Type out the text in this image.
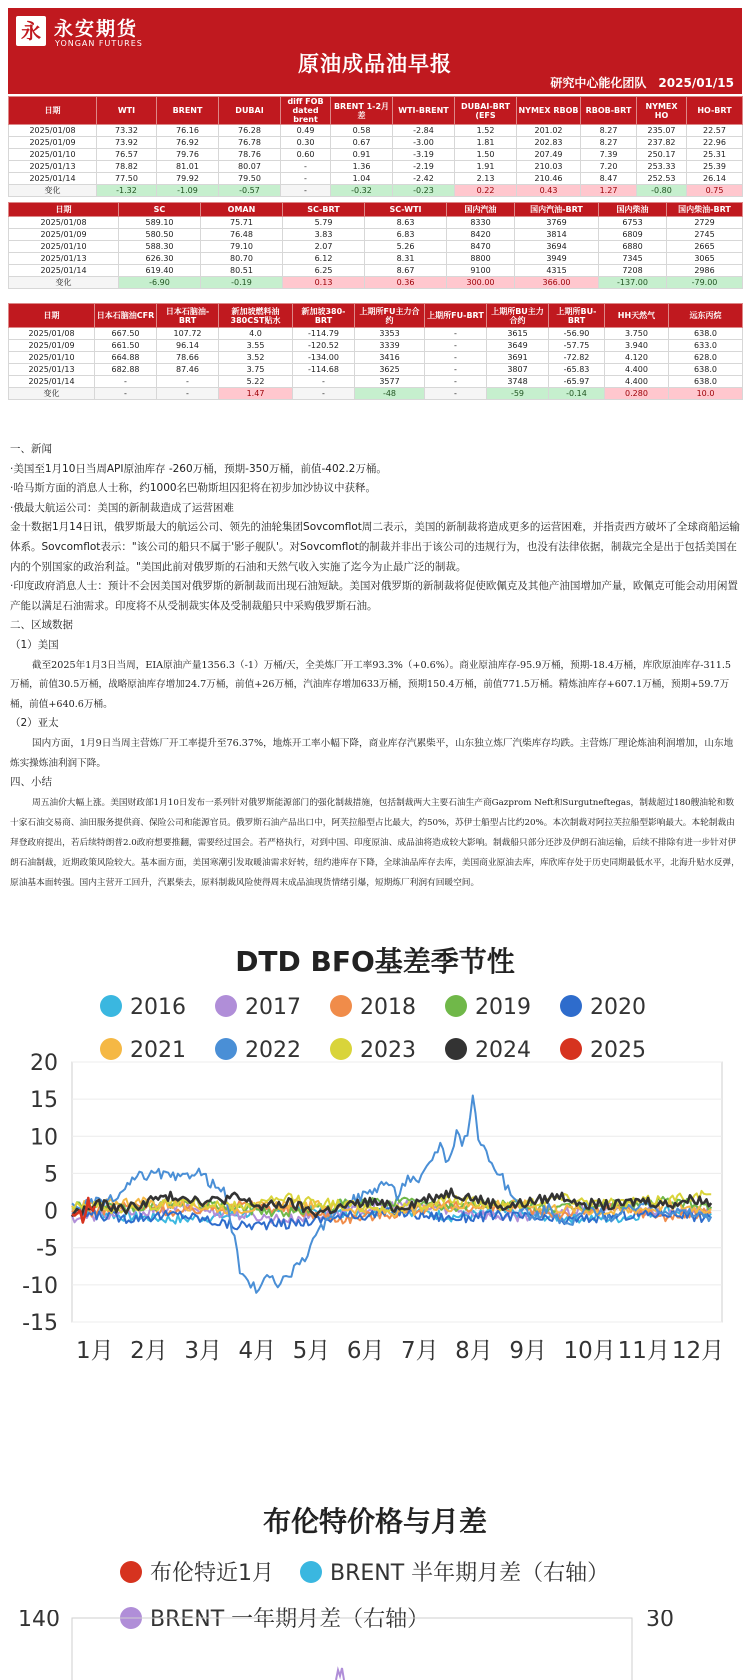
永 永安期货
YONGAN FUTURES
原油成品油早报
研究中心能化团队　2025/01/15
日期	WTI	BRENT	DUBAI	diff FOB dated brent	BRENT 1-2月差	WTI-BRENT	DUBAI-BRT (EFS	NYMEX RBOB	RBOB-BRT	NYMEX HO	HO-BRT
2025/01/08	73.32	76.16	76.28	0.49	0.58	-2.84	1.52	201.02	8.27	235.07	22.57
2025/01/09	73.92	76.92	76.78	0.30	0.67	-3.00	1.81	202.83	8.27	237.82	22.96
2025/01/10	76.57	79.76	78.76	0.60	0.91	-3.19	1.50	207.49	7.39	250.17	25.31
2025/01/13	78.82	81.01	80.07	-	1.36	-2.19	1.91	210.03	7.20	253.33	25.39
2025/01/14	77.50	79.92	79.50	-	1.04	-2.42	2.13	210.46	8.47	252.53	26.14
变化	-1.32	-1.09	-0.57	-	-0.32	-0.23	0.22	0.43	1.27	-0.80	0.75
日期	SC	OMAN	SC-BRT	SC-WTI	国内汽油	国内汽油-BRT	国内柴油	国内柴油-BRT
2025/01/08	589.10	75.71	5.79	8.63	8330	3769	6753	2729
2025/01/09	580.50	76.48	3.83	6.83	8420	3814	6809	2745
2025/01/10	588.30	79.10	2.07	5.26	8470	3694	6880	2665
2025/01/13	626.30	80.70	6.12	8.31	8800	3949	7345	3065
2025/01/14	619.40	80.51	6.25	8.67	9100	4315	7208	2986
变化	-6.90	-0.19	0.13	0.36	300.00	366.00	-137.00	-79.00
日期	日本石脑油CFR	日本石脑油-BRT	新加坡燃料油380CST贴水	新加坡380-BRT	上期所FU主力合约	上期所FU-BRT	上期所BU主力合约	上期所BU-BRT	HH天然气	远东丙烷
2025/01/08	667.50	107.72	4.0	-114.79	3353	-	3615	-56.90	3.750	638.0
2025/01/09	661.50	96.14	3.55	-120.52	3339	-	3649	-57.75	3.940	633.0
2025/01/10	664.88	78.66	3.52	-134.00	3416	-	3691	-72.82	4.120	628.0
2025/01/13	682.88	87.46	3.75	-114.68	3625	-	3807	-65.83	4.400	638.0
2025/01/14	-	-	5.22	-	3577	-	3748	-65.97	4.400	638.0
变化	-	-	1.47	-	-48	-	-59	-0.14	0.280	10.0

一、新闻

·美国至1月10日当周API原油库存 -260万桶，预期-350万桶，前值-402.2万桶。

·哈马斯方面的消息人士称，约1000名巴勒斯坦囚犯将在初步加沙协议中获释。

·俄最大航运公司：美国的新制裁造成了运营困难

金十数据1月14日讯，俄罗斯最大的航运公司、领先的油轮集团Sovcomflot周二表示，美国的新制裁将造成更多的运营困难，并指责西方破坏了全球商船运输体系。Sovcomflot表示："该公司的船只不属于'影子舰队'。对Sovcomflot的制裁并非出于该公司的违规行为，也没有法律依据，制裁完全是出于包括美国在内的个别国家的政治利益。"美国此前对俄罗斯的石油和天然气收入实施了迄今为止最广泛的制裁。

·印度政府消息人士：预计不会因美国对俄罗斯的新制裁而出现石油短缺。美国对俄罗斯的新制裁将促使欧佩克及其他产油国增加产量，欧佩克可能会动用闲置产能以满足石油需求。印度将不从受制裁实体及受制裁船只中采购俄罗斯石油。

二、区域数据

（1）美国

截至2025年1月3日当周，EIA原油产量1356.3（-1）万桶/天，全美炼厂开工率93.3%（+0.6%）。商业原油库存-95.9万桶，预期-18.4万桶，库欣原油库存-311.5万桶，前值30.5万桶，战略原油库存增加24.7万桶，前值+26万桶，汽油库存增加633万桶，预期150.4万桶，前值771.5万桶。精炼油库存+607.1万桶，预期+59.7万桶，前值+640.6万桶。

（2）亚太

国内方面，1月9日当周主营炼厂开工率提升至76.37%，地炼开工率小幅下降，商业库存汽累柴平，山东独立炼厂汽柴库存均跌。主营炼厂理论炼油利润增加，山东地炼实操炼油利润下降。

四、小结

周五油价大幅上涨。美国财政部1月10日发布一系列针对俄罗斯能源部门的强化制裁措施，包括制裁两大主要石油生产商Gazprom Neft和Surgutneftegas，制裁超过180艘油轮和数十家石油交易商、油田服务提供商、保险公司和能源官员。俄罗斯石油产品出口中，阿芙拉船型占比最大，约50%，苏伊士船型占比约20%。本次制裁对阿拉芙拉船型影响最大。本轮制裁由拜登政府提出，若后续特朗普2.0政府想要推翻，需要经过国会。若严格执行，对到中国、印度原油、成品油将造成较大影响。制裁船只部分还涉及伊朗石油运输，后续不排除有进一步针对伊朗石油制裁，近期政策风险较大。基本面方面，美国寒潮引发取暖油需求好转，纽约港库存下降，全球油品库存去库，美国商业原油去库，库欣库存处于历史同期最低水平，北海升贴水反弹，原油基本面转强。国内主营开工回升，汽累柴去，原料制裁风险使得周末成品油现货情绪引爆，短期炼厂利润有回暖空间。

DTD BFO基差季节性
2016	2017	2018	2019	2020
2021	2022	2023	2024	2025
20
15
10
5
0
-5
-10
-15
1月 2月 3月 4月 5月 6月 7月 8月 9月 10月 11月 12月
布伦特价格与月差
布伦特近1月	BRENT 半年期月差（右轴）
BRENT 一年期月差（右轴）
140	30
